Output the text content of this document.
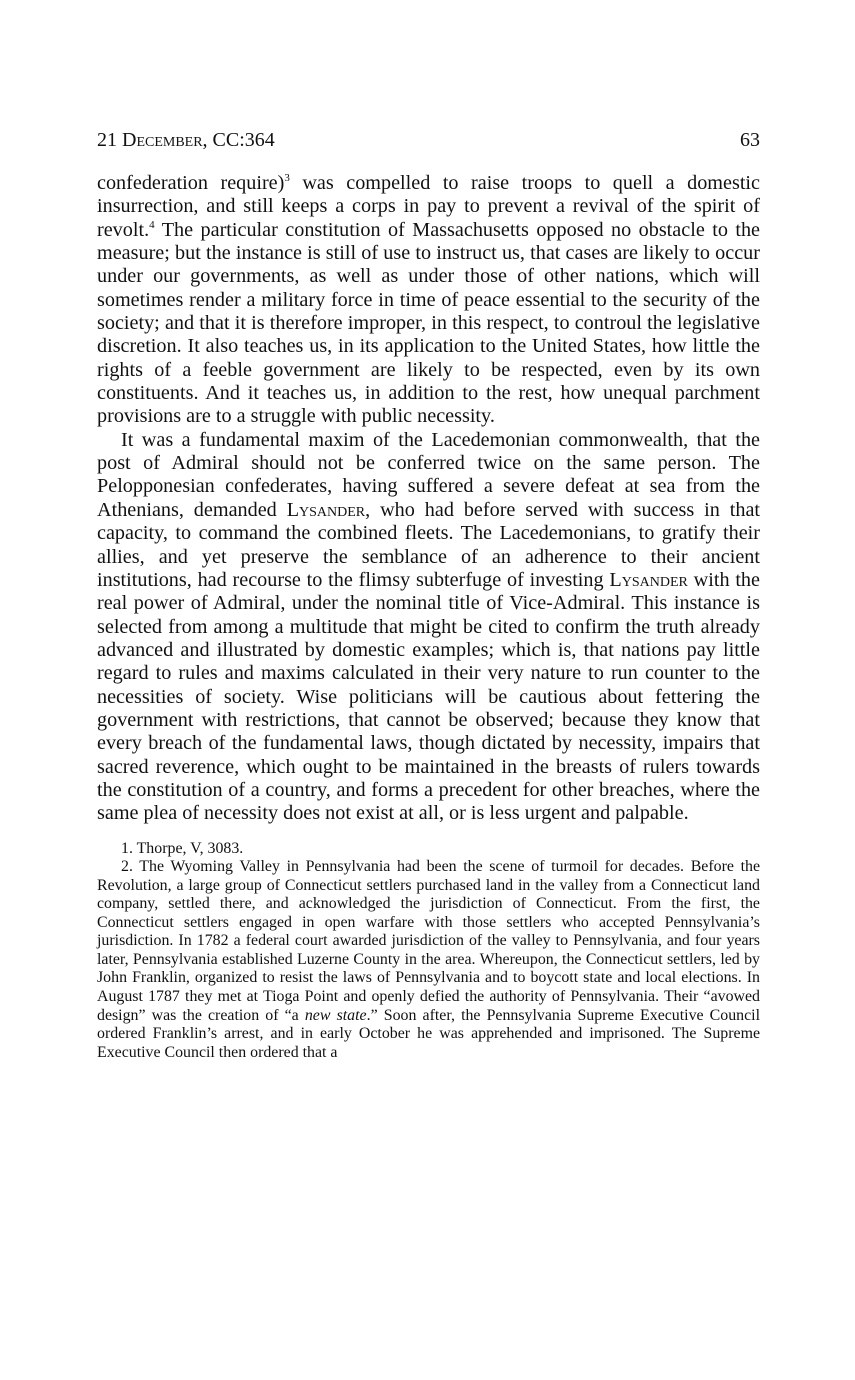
21 December, CC:364	63

confederation require)$^3$ was compelled to raise troops to quell a domestic insurrection, and still keeps a corps in pay to prevent a revival of the spirit of revolt.$^4$ The particular constitution of Massachusetts opposed no obstacle to the measure; but the instance is still of use to instruct us, that cases are likely to occur under our governments, as well as under those of other nations, which will sometimes render a military force in time of peace essential to the security of the society; and that it is therefore improper, in this respect, to controul the legislative discretion. It also teaches us, in its application to the United States, how little the rights of a feeble government are likely to be respected, even by its own constituents. And it teaches us, in addition to the rest, how unequal parchment provisions are to a struggle with public necessity.

It was a fundamental maxim of the Lacedemonian commonwealth, that the post of Admiral should not be conferred twice on the same person. The Pelopponesian confederates, having suffered a severe defeat at sea from the Athenians, demanded Lysander, who had before served with success in that capacity, to command the combined fleets. The Lacedemonians, to gratify their allies, and yet preserve the semblance of an adherence to their ancient institutions, had recourse to the flimsy subterfuge of investing Lysander with the real power of Admiral, under the nominal title of Vice-Admiral. This instance is selected from among a multitude that might be cited to confirm the truth already advanced and illustrated by domestic examples; which is, that nations pay little regard to rules and maxims calculated in their very nature to run counter to the necessities of society. Wise politicians will be cautious about fettering the government with restrictions, that cannot be observed; because they know that every breach of the fundamental laws, though dictated by necessity, impairs that sacred reverence, which ought to be maintained in the breasts of rulers towards the constitution of a country, and forms a precedent for other breaches, where the same plea of necessity does not exist at all, or is less urgent and palpable.

1. Thorpe, V, 3083.

2. The Wyoming Valley in Pennsylvania had been the scene of turmoil for decades. Before the Revolution, a large group of Connecticut settlers purchased land in the valley from a Connecticut land company, settled there, and acknowledged the jurisdiction of Connecticut. From the first, the Connecticut settlers engaged in open warfare with those settlers who accepted Pennsylvania’s jurisdiction. In 1782 a federal court awarded jurisdiction of the valley to Pennsylvania, and four years later, Pennsylvania established Luzerne County in the area. Whereupon, the Connecticut settlers, led by John Franklin, organized to resist the laws of Pennsylvania and to boycott state and local elections. In August 1787 they met at Tioga Point and openly defied the authority of Pennsylvania. Their “avowed design” was the creation of “a new state.” Soon after, the Pennsylvania Supreme Executive Council ordered Franklin’s arrest, and in early October he was apprehended and imprisoned. The Supreme Executive Council then ordered that a
